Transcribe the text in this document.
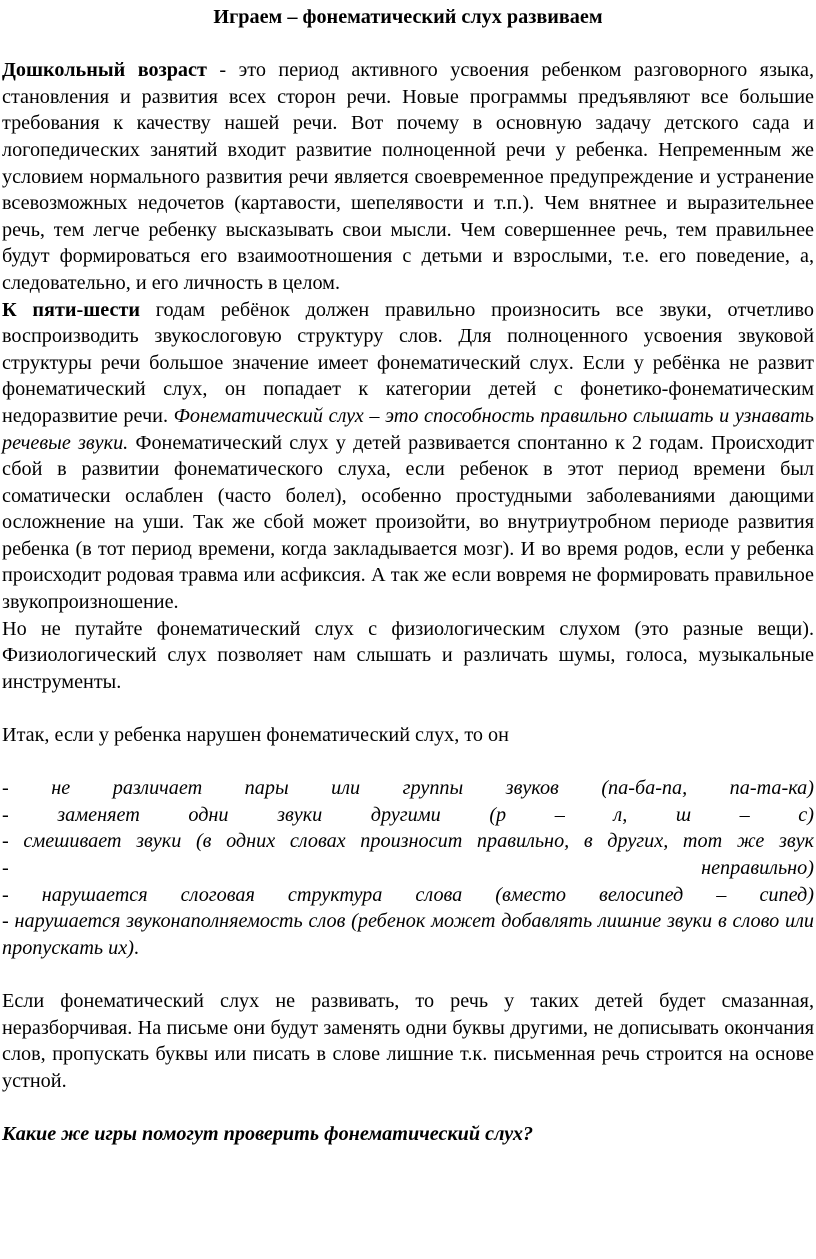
Играем – фонематический слух развиваем

Дошкольный возраст - это период активного усвоения ребенком разговорного языка, становления и развития всех сторон речи. Новые программы предъявляют все большие требования к качеству нашей речи. Вот почему в основную задачу детского сада и логопедических занятий входит развитие полноценной речи у ребенка. Непременным же условием нормального развития речи является своевременное предупреждение и устранение всевозможных недочетов (картавости, шепелявости и т.п.). Чем внятнее и выразительнее речь, тем легче ребенку высказывать свои мысли. Чем совершеннее речь, тем правильнее будут формироваться его взаимоотношения с детьми и взрослыми, т.е. его поведение, а, следовательно, и его личность в целом.

К пяти-шести годам ребёнок должен правильно произносить все звуки, отчетливо воспроизводить звукослоговую структуру слов. Для полноценного усвоения звуковой структуры речи большое значение имеет фонематический слух. Если у ребёнка не развит фонематический слух, он попадает к категории детей с фонетико-фонематическим недоразвитие речи. Фонематический слух – это способность правильно слышать и узнавать речевые звуки. Фонематический слух у детей развивается спонтанно к 2 годам. Происходит сбой в развитии фонематического слуха, если ребенок в этот период времени был соматически ослаблен (часто болел), особенно простудными заболеваниями дающими осложнение на уши. Так же сбой может произойти, во внутриутробном периоде развития ребенка (в тот период времени, когда закладывается мозг). И во время родов, если у ребенка происходит родовая травма или асфиксия. А так же если вовремя не формировать правильное звукопроизношение.

Но не путайте фонематический слух с физиологическим слухом (это разные вещи). Физиологический слух позволяет нам слышать и различать шумы, голоса, музыкальные инструменты.

Итак, если у ребенка нарушен фонематический слух, то он

- не различает пары или группы звуков (па-ба-па, па-та-ка)

- заменяет одни звуки другими (р – л, ш – с)

- смешивает звуки (в одних словах произносит правильно, в других, тот же звук

-	неправильно)

- нарушается слоговая структура слова (вместо велосипед – сипед)

- нарушается звуконаполняемость слов (ребенок может добавлять лишние звуки в слово или пропускать их).

Если фонематический слух не развивать, то речь у таких детей будет смазанная, неразборчивая. На письме они будут заменять одни буквы другими, не дописывать окончания слов, пропускать буквы или писать в слове лишние т.к. письменная речь строится на основе устной.

Какие же игры помогут проверить фонематический слух?
